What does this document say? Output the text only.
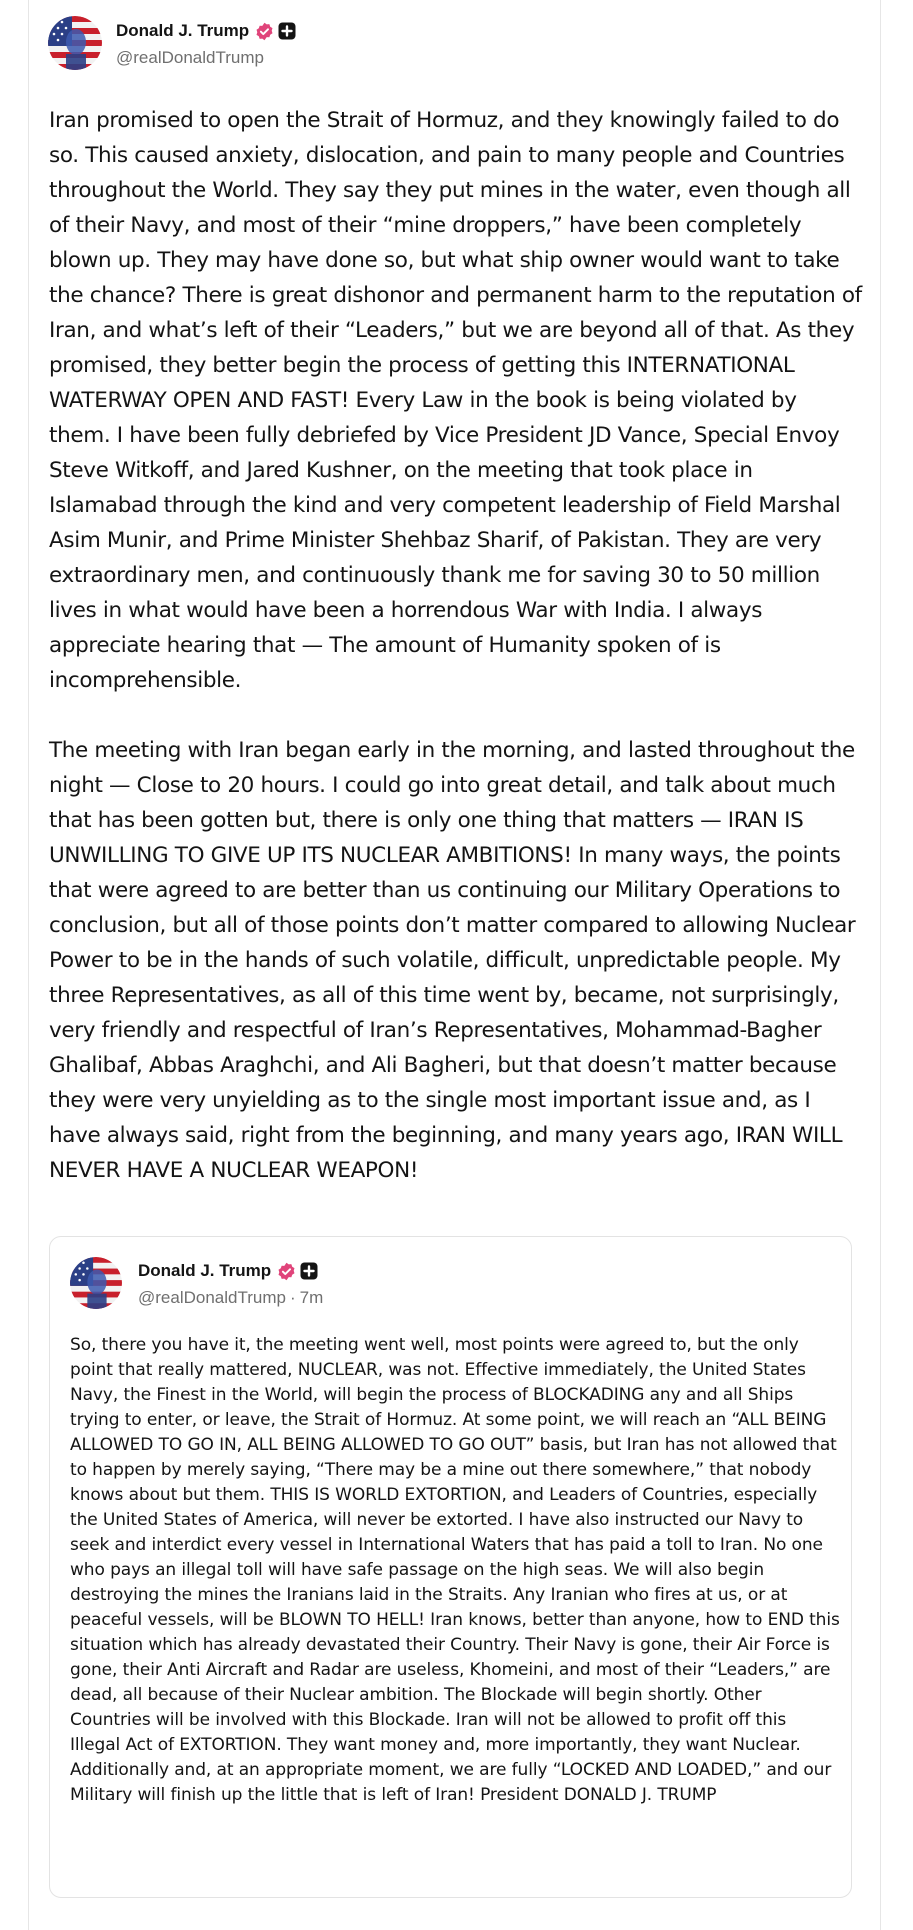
Donald J. Trump
@realDonaldTrump

Iran promised to open the Strait of Hormuz, and they knowingly failed to do so. This caused anxiety, dislocation, and pain to many people and Countries throughout the World. They say they put mines in the water, even though all of their Navy, and most of their “mine droppers,” have been completely blown up. They may have done so, but what ship owner would want to take the chance? There is great dishonor and permanent harm to the reputation of Iran, and what’s left of their “Leaders,” but we are beyond all of that. As they promised, they better begin the process of getting this INTERNATIONAL WATERWAY OPEN AND FAST! Every Law in the book is being violated by them. I have been fully debriefed by Vice President JD Vance, Special Envoy Steve Witkoff, and Jared Kushner, on the meeting that took place in Islamabad through the kind and very competent leadership of Field Marshal Asim Munir, and Prime Minister Shehbaz Sharif, of Pakistan. They are very extraordinary men, and continuously thank me for saving 30 to 50 million lives in what would have been a horrendous War with India. I always appreciate hearing that — The amount of Humanity spoken of is incomprehensible.

The meeting with Iran began early in the morning, and lasted throughout the night — Close to 20 hours. I could go into great detail, and talk about much that has been gotten but, there is only one thing that matters — IRAN IS UNWILLING TO GIVE UP ITS NUCLEAR AMBITIONS! In many ways, the points that were agreed to are better than us continuing our Military Operations to conclusion, but all of those points don’t matter compared to allowing Nuclear Power to be in the hands of such volatile, difficult, unpredictable people. My three Representatives, as all of this time went by, became, not surprisingly, very friendly and respectful of Iran’s Representatives, Mohammad-Bagher Ghalibaf, Abbas Araghchi, and Ali Bagheri, but that doesn’t matter because they were very unyielding as to the single most important issue and, as I have always said, right from the beginning, and many years ago, IRAN WILL NEVER HAVE A NUCLEAR WEAPON!

Donald J. Trump
@realDonaldTrump · 7m
So, there you have it, the meeting went well, most points were agreed to, but the only point that really mattered, NUCLEAR, was not. Effective immediately, the United States Navy, the Finest in the World, will begin the process of BLOCKADING any and all Ships trying to enter, or leave, the Strait of Hormuz. At some point, we will reach an “ALL BEING ALLOWED TO GO IN, ALL BEING ALLOWED TO GO OUT” basis, but Iran has not allowed that to happen by merely saying, “There may be a mine out there somewhere,” that nobody knows about but them. THIS IS WORLD EXTORTION, and Leaders of Countries, especially the United States of America, will never be extorted. I have also instructed our Navy to seek and interdict every vessel in International Waters that has paid a toll to Iran. No one who pays an illegal toll will have safe passage on the high seas. We will also begin destroying the mines the Iranians laid in the Straits. Any Iranian who fires at us, or at peaceful vessels, will be BLOWN TO HELL! Iran knows, better than anyone, how to END this situation which has already devastated their Country. Their Navy is gone, their Air Force is gone, their Anti Aircraft and Radar are useless, Khomeini, and most of their “Leaders,” are dead, all because of their Nuclear ambition. The Blockade will begin shortly. Other Countries will be involved with this Blockade. Iran will not be allowed to profit off this Illegal Act of EXTORTION. They want money and, more importantly, they want Nuclear. Additionally and, at an appropriate moment, we are fully “LOCKED AND LOADED,” and our Military will finish up the little that is left of Iran! President DONALD J. TRUMP
